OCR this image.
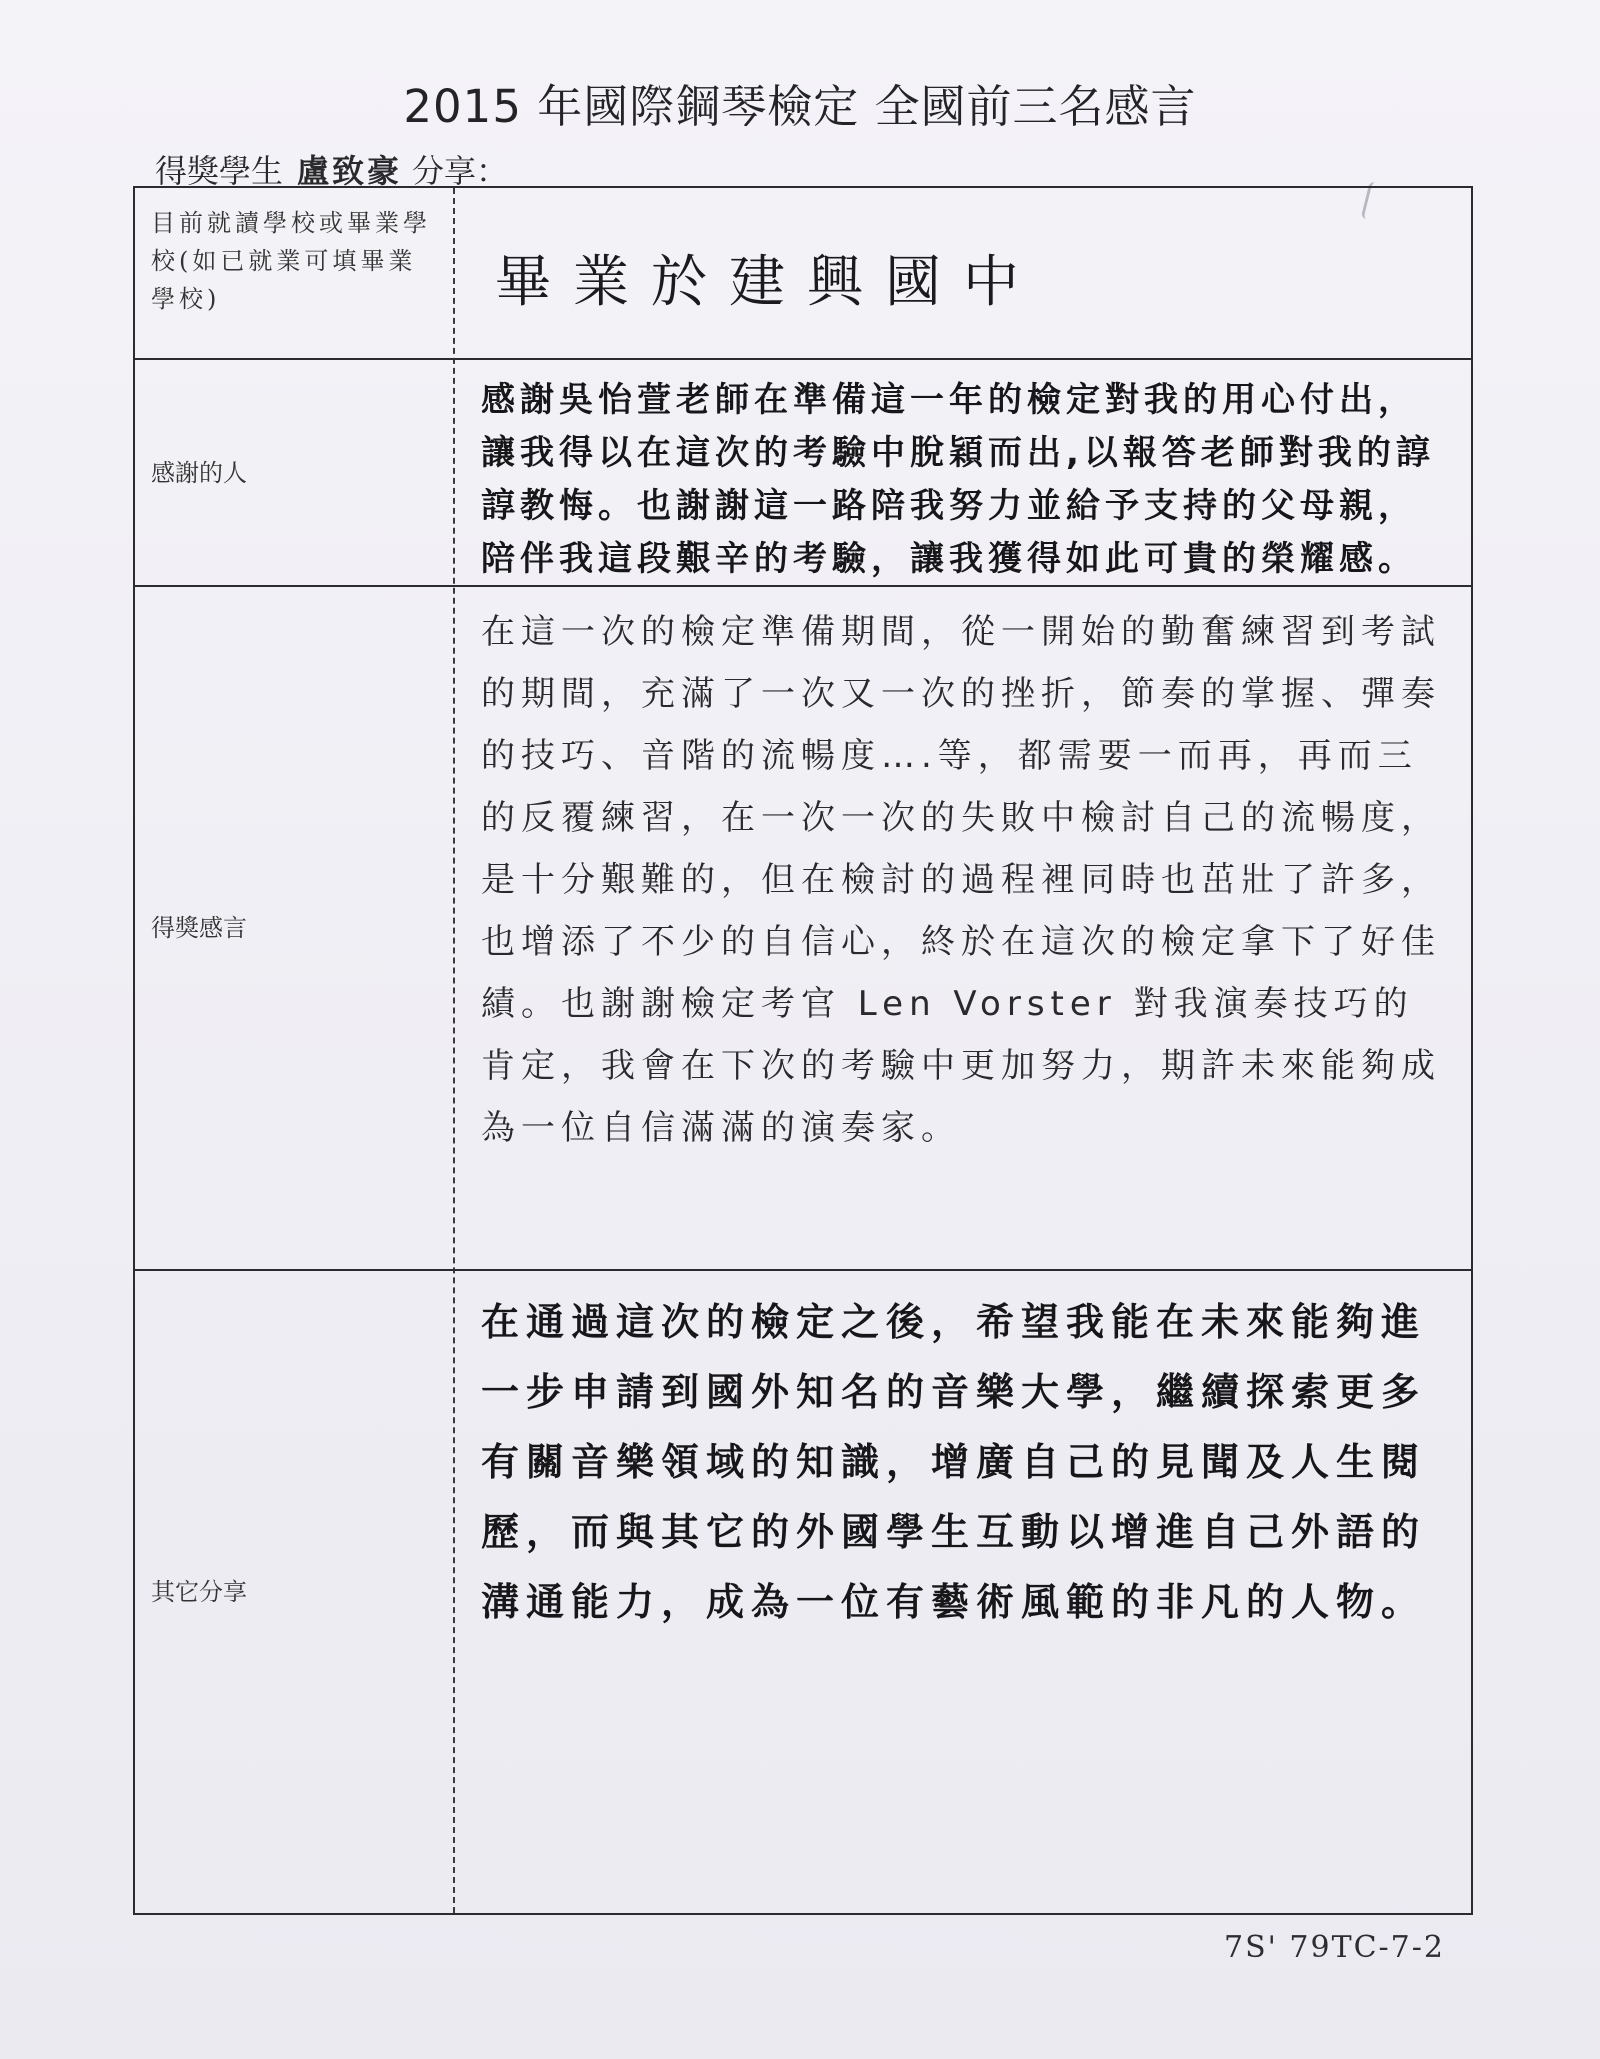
2015 年國際鋼琴檢定 全國前三名感言
得獎學生 盧致豪 分享：
目前就讀學校或畢業學校(如已就業可填畢業學校)	畢業於建興國中
感謝的人
感謝吳怡萱老師在準備這一年的檢定對我的用心付出，讓我得以在這次的考驗中脫穎而出,以報答老師對我的諄諄教悔。也謝謝這一路陪我努力並給予支持的父母親，陪伴我這段艱辛的考驗，讓我獲得如此可貴的榮耀感。
得獎感言
在這一次的檢定準備期間，從一開始的勤奮練習到考試的期間，充滿了一次又一次的挫折，節奏的掌握、彈奏的技巧、音階的流暢度….等，都需要一而再，再而三的反覆練習，在一次一次的失敗中檢討自己的流暢度，是十分艱難的，但在檢討的過程裡同時也茁壯了許多，也增添了不少的自信心，終於在這次的檢定拿下了好佳績。也謝謝檢定考官 Len Vorster 對我演奏技巧的肯定，我會在下次的考驗中更加努力，期許未來能夠成為一位自信滿滿的演奏家。
其它分享
在通過這次的檢定之後，希望我能在未來能夠進一步申請到國外知名的音樂大學，繼續探索更多有關音樂領域的知識，增廣自己的見聞及人生閱歷，而與其它的外國學生互動以增進自己外語的溝通能力，成為一位有藝術風範的非凡的人物。
7S' 79TC-7-2
